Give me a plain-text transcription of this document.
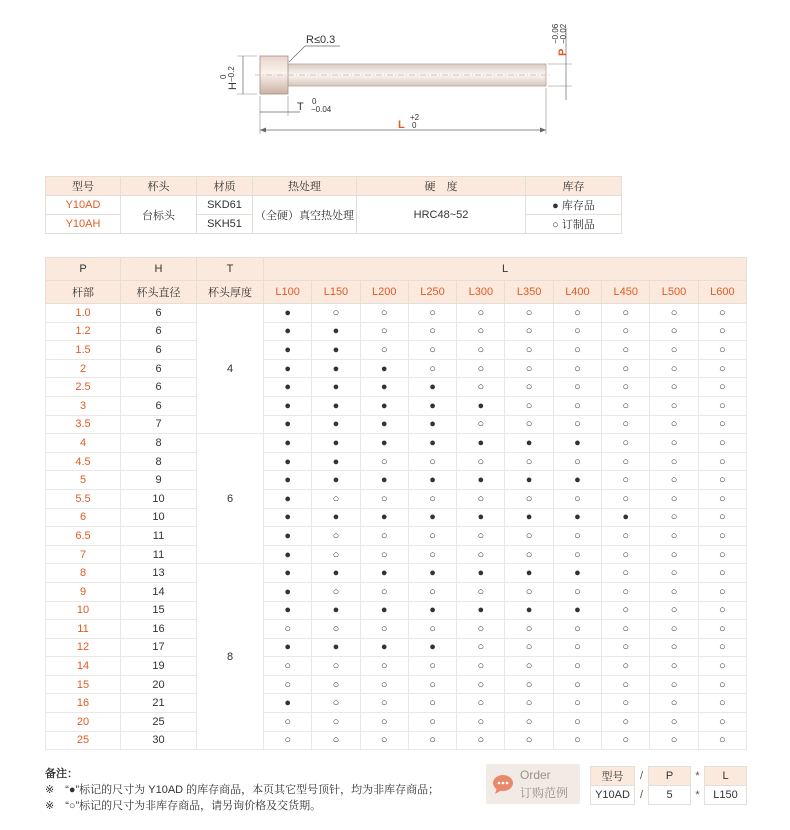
R≤0.3
H
0 −0.2
P
−0.06 −0.02
T 0
−0.04
L
+2
0
型号	杯头	材质	热处理	硬　度	库存
Y10AD	台标头	SKD61	（全硬）真空热处理	HRC48~52	● 库存品
Y10AH		SKH51			○ 订制品
P	H	T	L									
杆部	杯头直径	杯头厚度	L100	L150	L200	L250	L300	L350	L400	L450	L500	L600
1.0	6	4	●	○	○	○	○	○	○	○	○	○
1.2	6		●	●	○	○	○	○	○	○	○	○
1.5	6		●	●	○	○	○	○	○	○	○	○
2	6		●	●	●	○	○	○	○	○	○	○
2.5	6		●	●	●	●	○	○	○	○	○	○
3	6		●	●	●	●	●	○	○	○	○	○
3.5	7		●	●	●	●	○	○	○	○	○	○
4	8	6	●	●	●	●	●	●	●	○	○	○
4.5	8		●	●	○	○	○	○	○	○	○	○
5	9		●	●	●	●	●	●	●	○	○	○
5.5	10		●	○	○	○	○	○	○	○	○	○
6	10		●	●	●	●	●	●	●	●	○	○
6.5	11		●	○	○	○	○	○	○	○	○	○
7	11		●	○	○	○	○	○	○	○	○	○
8	13	8	●	●	●	●	●	●	●	○	○	○
9	14		●	○	○	○	○	○	○	○	○	○
10	15		●	●	●	●	●	●	●	○	○	○
11	16		○	○	○	○	○	○	○	○	○	○
12	17		●	●	●	●	○	○	○	○	○	○
14	19		○	○	○	○	○	○	○	○	○	○
15	20		○	○	○	○	○	○	○	○	○	○
16	21		●	○	○	○	○	○	○	○	○	○
20	25		○	○	○	○	○	○	○	○	○	○
25	30		○	○	○	○	○	○	○	○	○	○
备注：
※　“●”标记的尺寸为 Y10AD 的库存商品，本页其它型号顶针，均为非库存商品；
※　“○”标记的尺寸为非库存商品，请另询价格及交货期。
Order
订购范例
型号	/	P	*	L
Y10AD	/	5	*	L150
